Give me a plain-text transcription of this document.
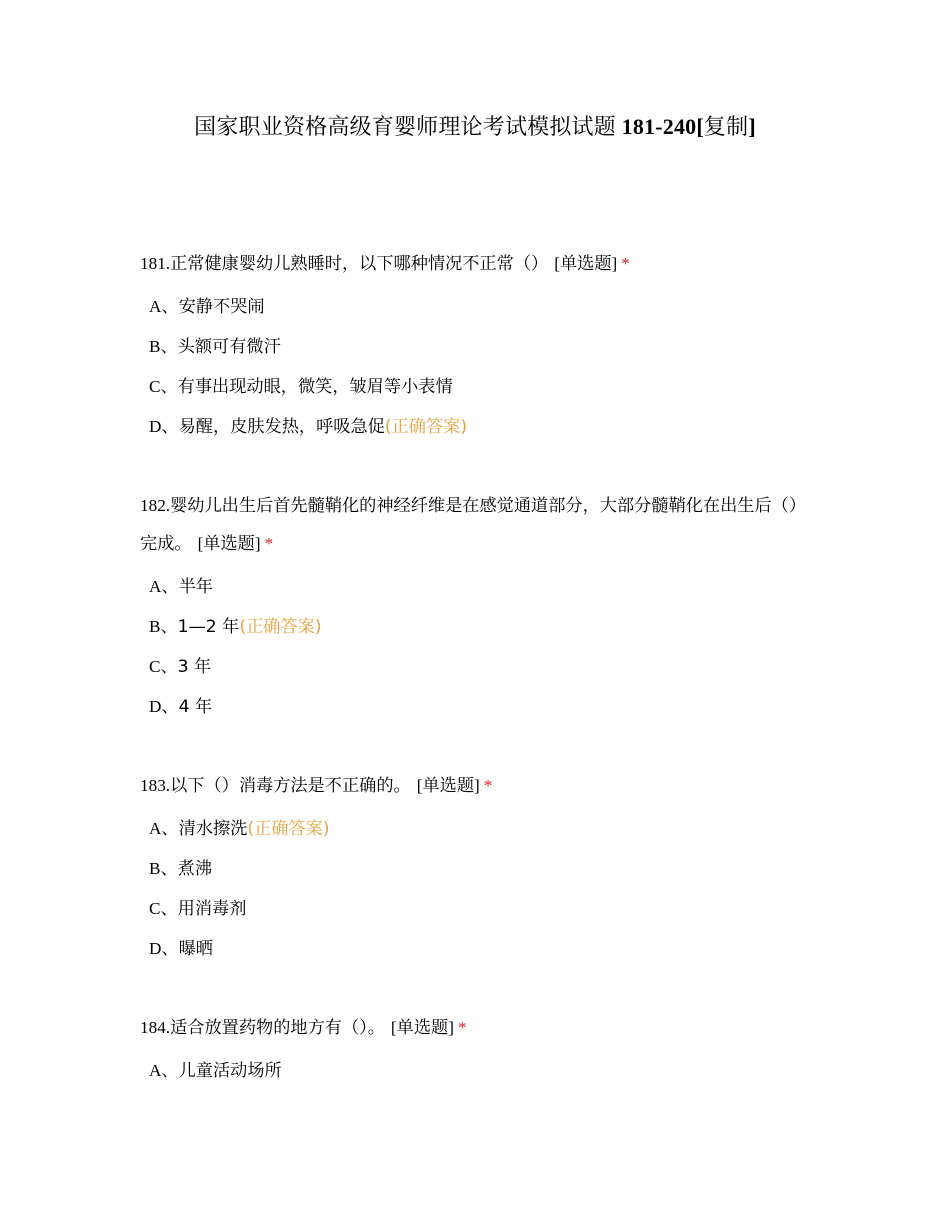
国家职业资格高级育婴师理论考试模拟试题 181-240[复制]

181.正常健康婴幼儿熟睡时，以下哪种情况不正常（） [单选题] *

A、安静不哭闹
B、头额可有微汗
C、有事出现动眼，微笑，皱眉等小表情
D、易醒，皮肤发热，呼吸急促(正确答案)

182.婴幼儿出生后首先髓鞘化的神经纤维是在感觉通道部分，大部分髓鞘化在出生后（）完成。 [单选题] *

A、半年
B、1—2 年(正确答案)
C、3 年
D、4 年

183.以下（）消毒方法是不正确的。 [单选题] *

A、清水擦洗(正确答案)
B、煮沸
C、用消毒剂
D、曝晒

184.适合放置药物的地方有（）。 [单选题] *

A、儿童活动场所
